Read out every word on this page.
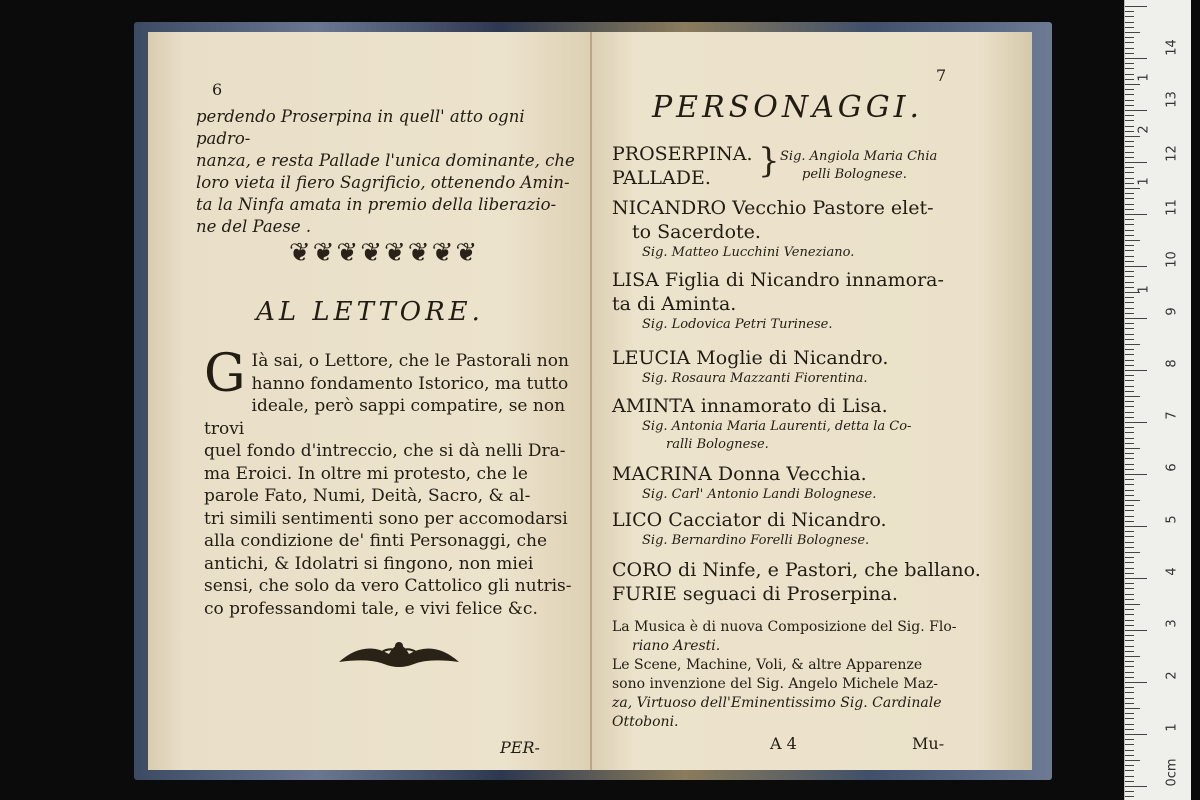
6
perdendo Proserpina in quell' atto ogni padro-
nanza, e resta Pallade l'unica dominante, che
loro vieta il fiero Sagrificio, ottenendo Amin-
ta la Ninfa amata in premio della liberazio-
ne del Paese .
❦❦❦❦❦❦❦❦
AL LETTORE.
G Ià sai, o Lettore, che le Pastorali non
hanno fondamento Istorico, ma tutto
ideale, però sappi compatire, se non trovi
quel fondo d'intreccio, che si dà nelli Dra-
ma Eroici. In oltre mi protesto, che le
parole Fato, Numi, Deità, Sacro, & al-
tri simili sentimenti sono per accomodarsi
alla condizione de' finti Personaggi, che
antichi, & Idolatri si fingono, non miei
sensi, che solo da vero Cattolico gli nutris-
co professandomi tale, e vivi felice &c.
PER-
7
PERSONAGGI.
PROSERPINA.
PALLADE. } Sig. Angiola Maria Chia
pelli Bolognese.
NICANDRO Vecchio Pastore elet-
to Sacerdote.
Sig. Matteo Lucchini Veneziano.
LISA Figlia di Nicandro innamora-
ta di Aminta.
Sig. Lodovica Petri Turinese.
LEUCIA Moglie di Nicandro.
Sig. Rosaura Mazzanti Fiorentina.
AMINTA innamorato di Lisa.
Sig. Antonia Maria Laurenti, detta la Co-
ralli Bolognese.
MACRINA Donna Vecchia.
Sig. Carl' Antonio Landi Bolognese.
LICO Cacciator di Nicandro.
Sig. Bernardino Forelli Bolognese.
CORO di Ninfe, e Pastori, che ballano.
FURIE seguaci di Proserpina.
La Musica è di nuova Composizione del Sig. Flo-
riano Aresti.
Le Scene, Machine, Voli, & altre Apparenze
sono invenzione del Sig. Angelo Michele Maz-
za, Virtuoso dell'Eminentissimo Sig. Cardinale
Ottoboni.
A 4	Mu-
14
1
13
2
12
1
11
10
1
9
8
7
6
5
4
3
2
1
0cm
